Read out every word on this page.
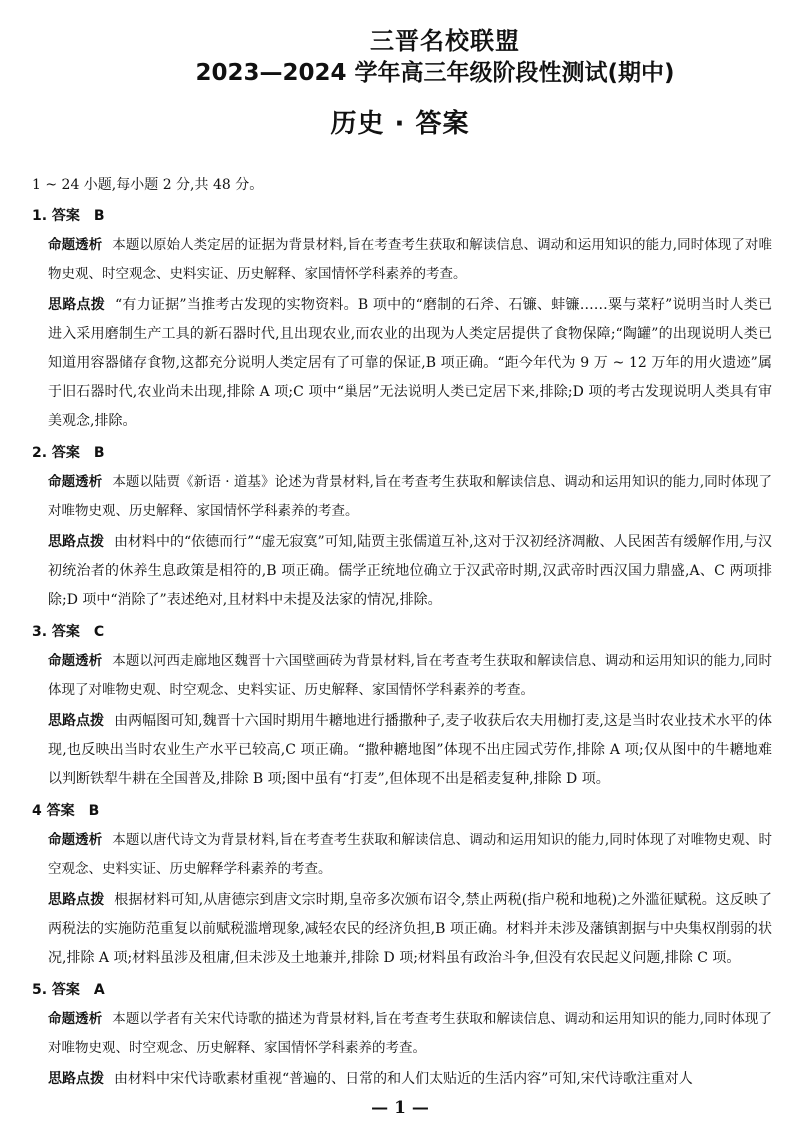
三晋名校联盟
2023—2024 学年高三年级阶段性测试(期中)
历史 · 答案
1 ~ 24 小题,每小题 2 分,共 48 分。
1. 答案　B
命题透析 本题以原始人类定居的证据为背景材料,旨在考查考生获取和解读信息、调动和运用知识的能力,同时体现了对唯物史观、时空观念、史料实证、历史解释、家国情怀学科素养的考查。
思路点拨 “有力证据”当推考古发现的实物资料。B 项中的“磨制的石斧、石镰、蚌镰……粟与菜籽”说明当时人类已进入采用磨制生产工具的新石器时代,且出现农业,而农业的出现为人类定居提供了食物保障;“陶罐”的出现说明人类已知道用容器储存食物,这都充分说明人类定居有了可靠的保证,B 项正确。“距今年代为 9 万 ~ 12 万年的用火遗迹”属于旧石器时代,农业尚未出现,排除 A 项;C 项中“巢居”无法说明人类已定居下来,排除;D 项的考古发现说明人类具有审美观念,排除。
2. 答案　B
命题透析 本题以陆贾《新语 · 道基》论述为背景材料,旨在考查考生获取和解读信息、调动和运用知识的能力,同时体现了对唯物史观、历史解释、家国情怀学科素养的考查。
思路点拨 由材料中的“依德而行”“虚无寂寞”可知,陆贾主张儒道互补,这对于汉初经济凋敝、人民困苦有缓解作用,与汉初统治者的休养生息政策是相符的,B 项正确。儒学正统地位确立于汉武帝时期,汉武帝时西汉国力鼎盛,A、C 两项排除;D 项中“消除了”表述绝对,且材料中未提及法家的情况,排除。
3. 答案　C
命题透析 本题以河西走廊地区魏晋十六国壁画砖为背景材料,旨在考查考生获取和解读信息、调动和运用知识的能力,同时体现了对唯物史观、时空观念、史料实证、历史解释、家国情怀学科素养的考查。
思路点拨 由两幅图可知,魏晋十六国时期用牛耱地进行播撒种子,麦子收获后农夫用枷打麦,这是当时农业技术水平的体现,也反映出当时农业生产水平已较高,C 项正确。“撒种耱地图”体现不出庄园式劳作,排除 A 项;仅从图中的牛耱地难以判断铁犁牛耕在全国普及,排除 B 项;图中虽有“打麦”,但体现不出是稻麦复种,排除 D 项。
4 答案　B
命题透析 本题以唐代诗文为背景材料,旨在考查考生获取和解读信息、调动和运用知识的能力,同时体现了对唯物史观、时空观念、史料实证、历史解释学科素养的考查。
思路点拨 根据材料可知,从唐德宗到唐文宗时期,皇帝多次颁布诏令,禁止两税(指户税和地税)之外滥征赋税。这反映了两税法的实施防范重复以前赋税滥增现象,减轻农民的经济负担,B 项正确。材料并未涉及藩镇割据与中央集权削弱的状况,排除 A 项;材料虽涉及租庸,但未涉及土地兼并,排除 D 项;材料虽有政治斗争,但没有农民起义问题,排除 C 项。
5. 答案　A
命题透析 本题以学者有关宋代诗歌的描述为背景材料,旨在考查考生获取和解读信息、调动和运用知识的能力,同时体现了对唯物史观、时空观念、历史解释、家国情怀学科素养的考查。
思路点拨 由材料中宋代诗歌素材重视“普遍的、日常的和人们太贴近的生活内容”可知,宋代诗歌注重对人
— 1 —
